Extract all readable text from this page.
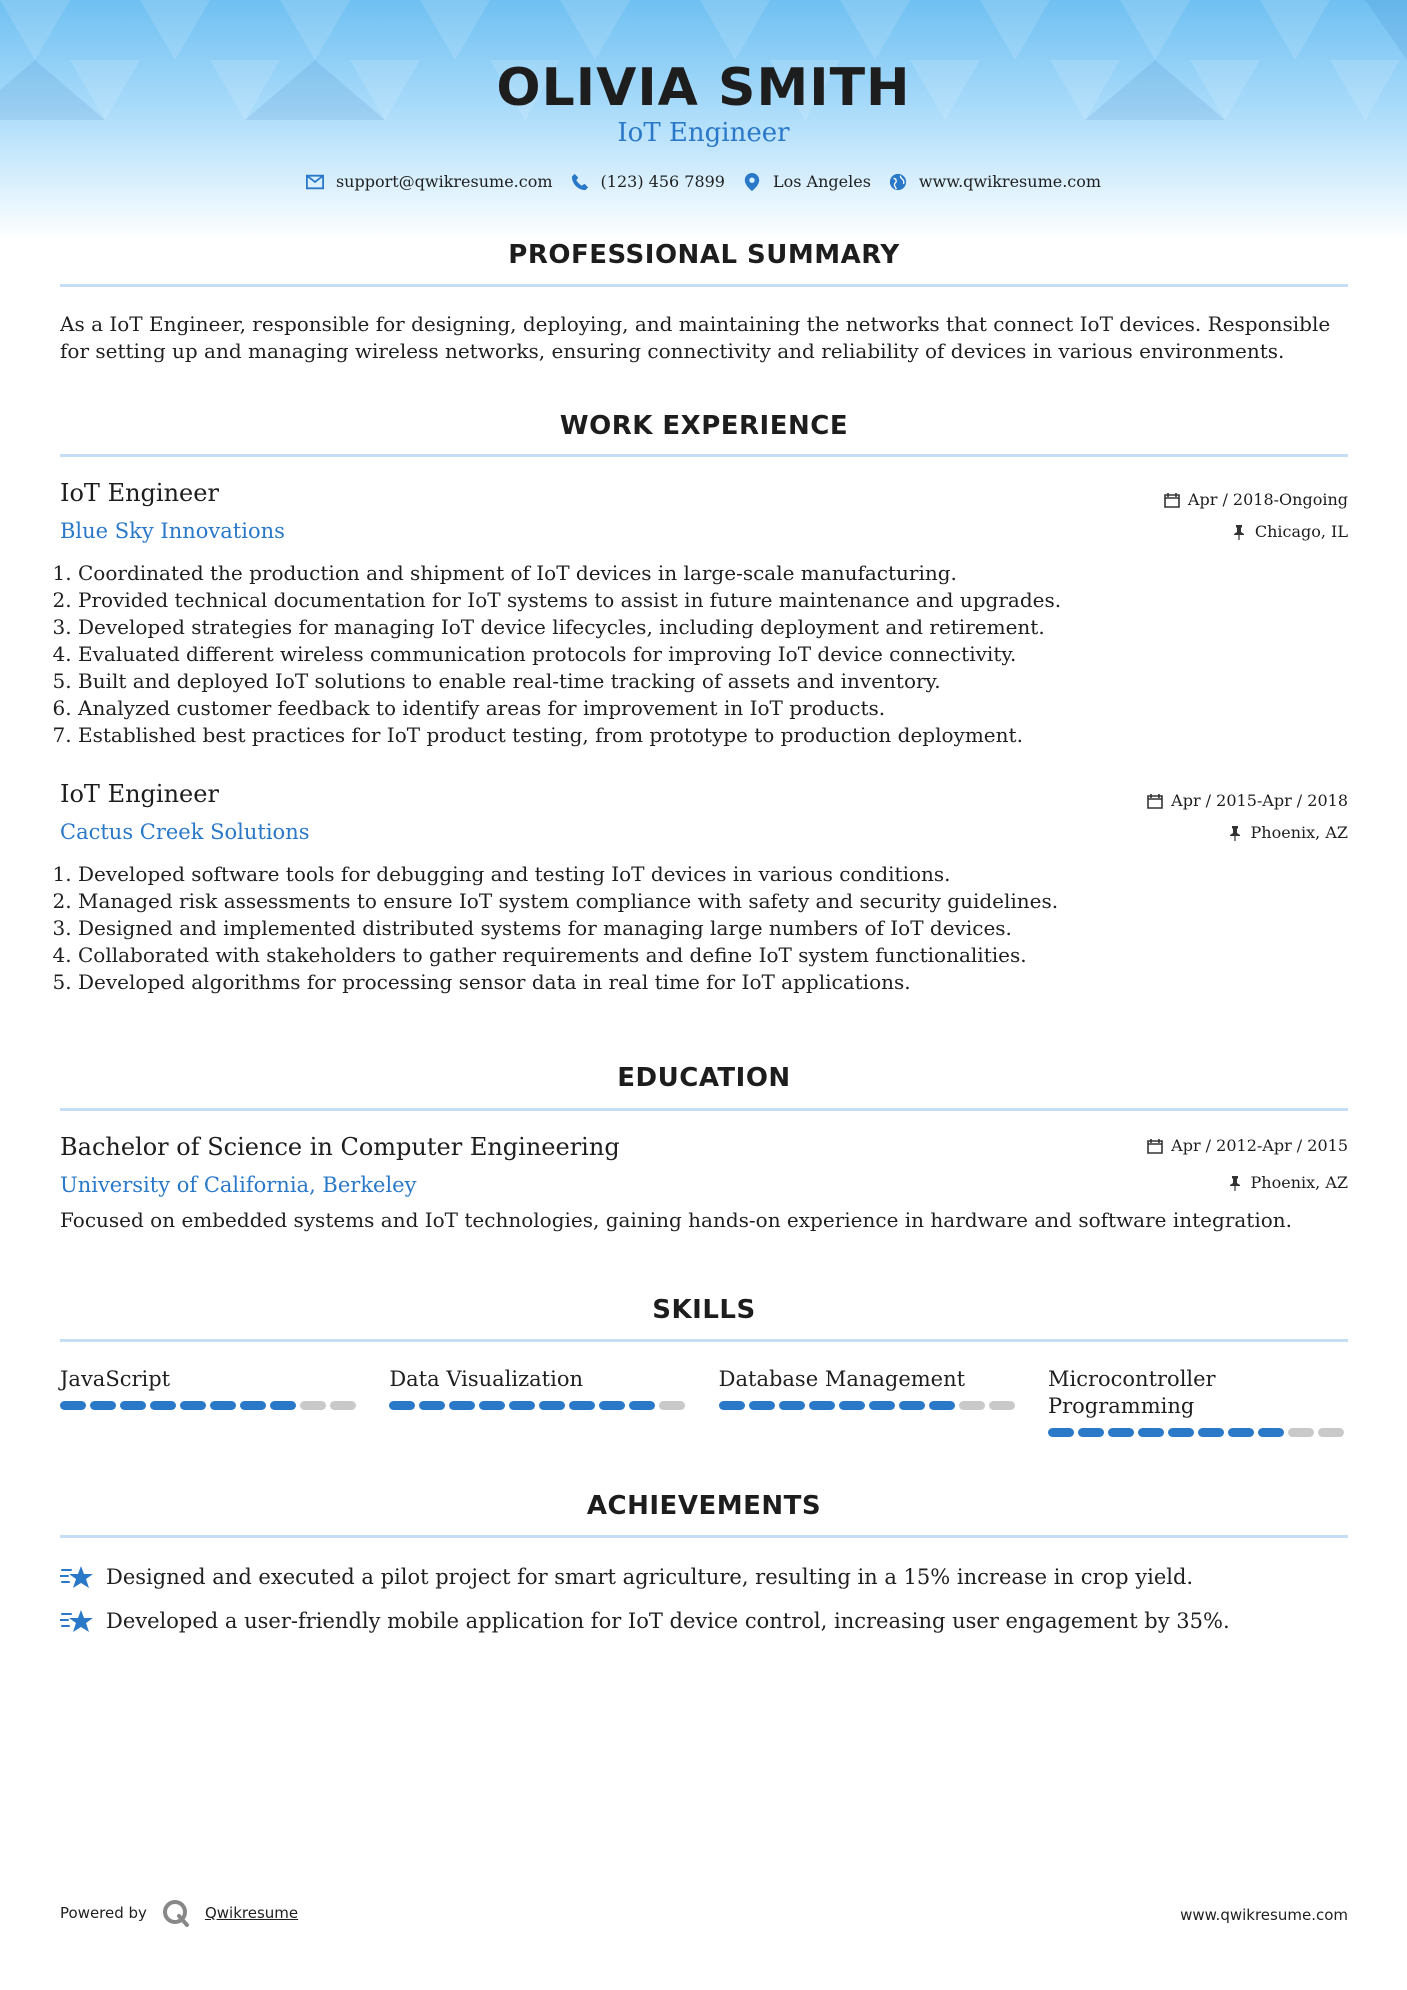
OLIVIA SMITH
IoT Engineer
support@qwikresume.com	(123) 456 7899	Los Angeles	www.qwikresume.com
PROFESSIONAL SUMMARY
As a IoT Engineer, responsible for designing, deploying, and maintaining the networks that connect IoT devices. Responsible for setting up and managing wireless networks, ensuring connectivity and reliability of devices in various environments.
WORK EXPERIENCE
IoT Engineer
Blue Sky Innovations
Apr / 2018-Ongoing
Chicago, IL
1. Coordinated the production and shipment of IoT devices in large-scale manufacturing.
2. Provided technical documentation for IoT systems to assist in future maintenance and upgrades.
3. Developed strategies for managing IoT device lifecycles, including deployment and retirement.
4. Evaluated different wireless communication protocols for improving IoT device connectivity.
5. Built and deployed IoT solutions to enable real-time tracking of assets and inventory.
6. Analyzed customer feedback to identify areas for improvement in IoT products.
7. Established best practices for IoT product testing, from prototype to production deployment.
IoT Engineer
Cactus Creek Solutions
Apr / 2015-Apr / 2018
Phoenix, AZ
1. Developed software tools for debugging and testing IoT devices in various conditions.
2. Managed risk assessments to ensure IoT system compliance with safety and security guidelines.
3. Designed and implemented distributed systems for managing large numbers of IoT devices.
4. Collaborated with stakeholders to gather requirements and define IoT system functionalities.
5. Developed algorithms for processing sensor data in real time for IoT applications.
EDUCATION
Bachelor of Science in Computer Engineering
University of California, Berkeley
Apr / 2012-Apr / 2015
Phoenix, AZ
Focused on embedded systems and IoT technologies, gaining hands-on experience in hardware and software integration.
SKILLS
JavaScript	Data Visualization	Database Management	Microcontroller Programming
ACHIEVEMENTS
Designed and executed a pilot project for smart agriculture, resulting in a 15% increase in crop yield.
Developed a user-friendly mobile application for IoT device control, increasing user engagement by 35%.
Powered by	Qwikresume	www.qwikresume.com
